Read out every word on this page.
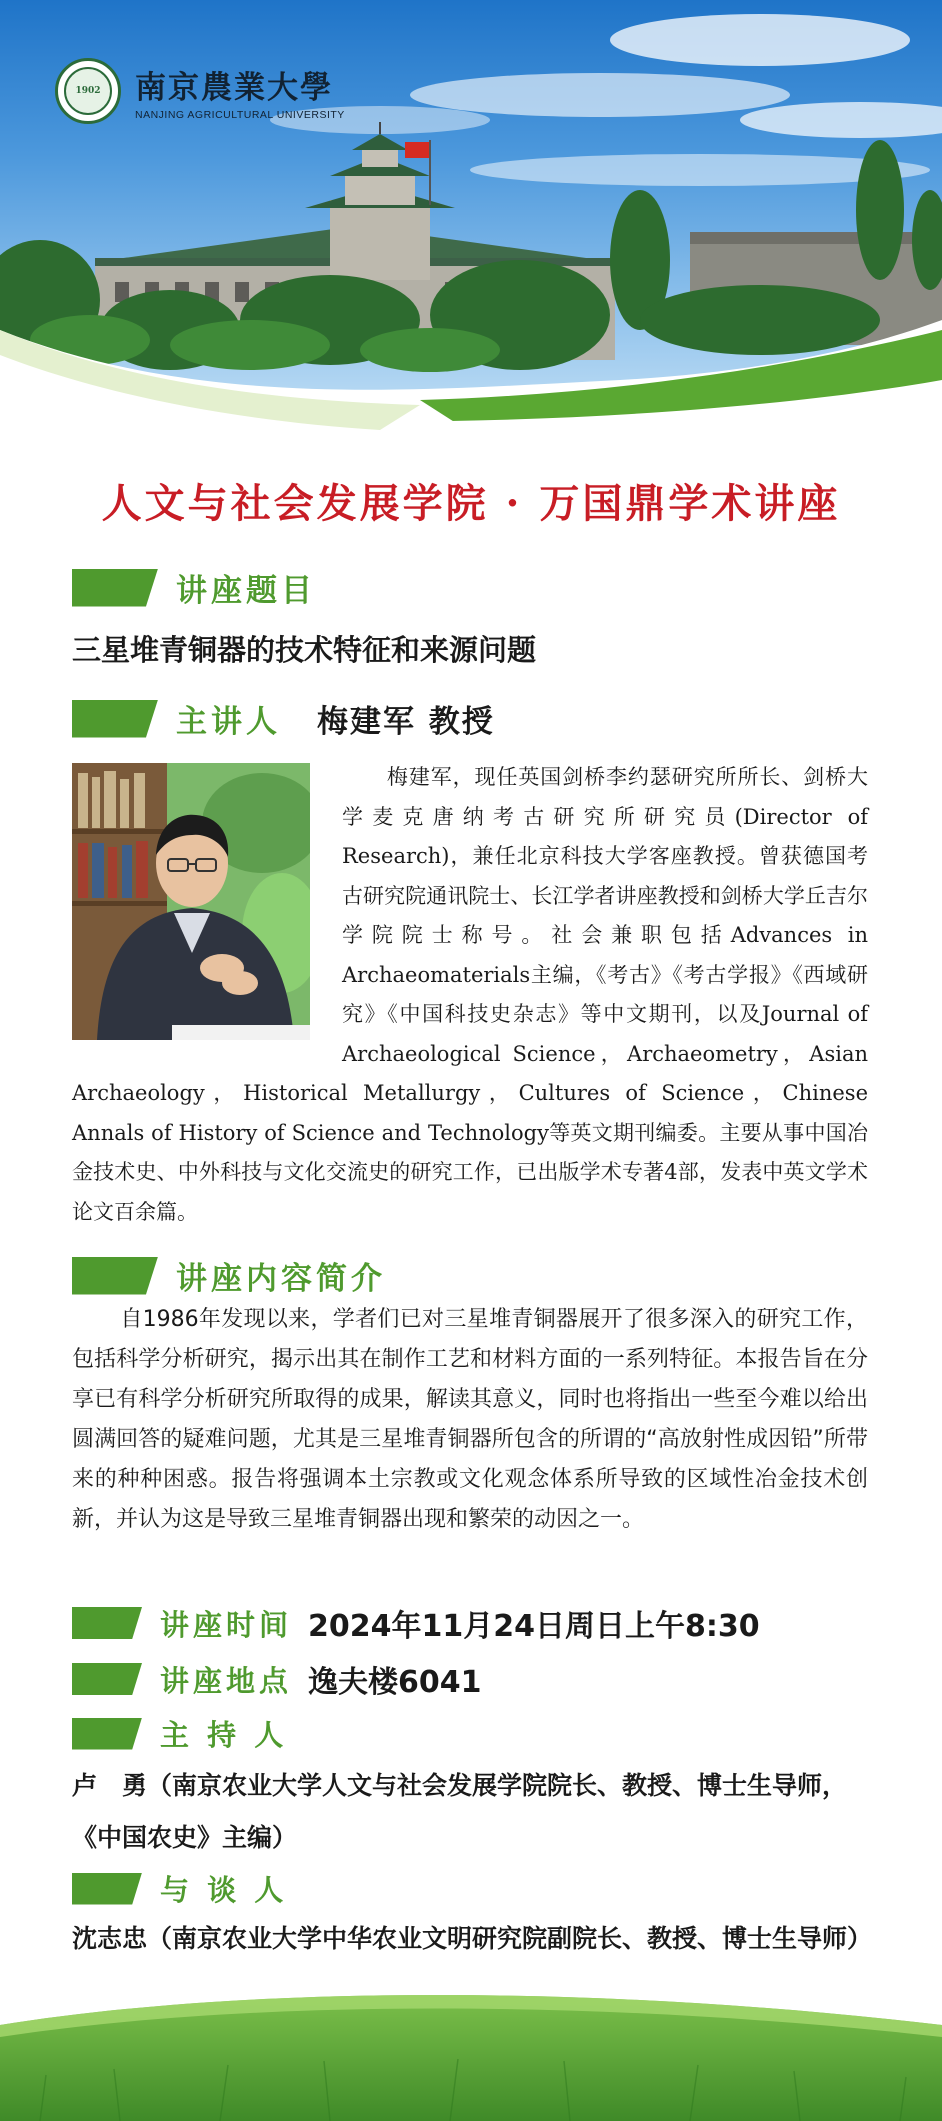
1902 南京農業大學
NANJING AGRICULTURAL UNIVERSITY
人文与社会发展学院 · 万国鼎学术讲座
讲座题目
三星堆青铜器的技术特征和来源问题
主讲人 梅建军 教授
梅建军，现任英国剑桥李约瑟研究所所长、剑桥大学麦克唐纳考古研究所研究员(Director of Research)，兼任北京科技大学客座教授。曾获德国考古研究院通讯院士、长江学者讲座教授和剑桥大学丘吉尔学院院士称号。社会兼职包括Advances in Archaeomaterials主编，《考古》《考古学报》《西域研究》《中国科技史杂志》等中文期刊，以及Journal of Archaeological Science，Archaeometry，Asian Archaeology，Historical Metallurgy，Cultures of Science，Chinese Annals of History of Science and Technology等英文期刊编委。主要从事中国冶金技术史、中外科技与文化交流史的研究工作，已出版学术专著4部，发表中英文学术论文百余篇。
讲座内容简介
自1986年发现以来，学者们已对三星堆青铜器展开了很多深入的研究工作，包括科学分析研究，揭示出其在制作工艺和材料方面的一系列特征。本报告旨在分享已有科学分析研究所取得的成果，解读其意义，同时也将指出一些至今难以给出圆满回答的疑难问题，尤其是三星堆青铜器所包含的所谓的“高放射性成因铅”所带来的种种困惑。报告将强调本土宗教或文化观念体系所导致的区域性冶金技术创新，并认为这是导致三星堆青铜器出现和繁荣的动因之一。
讲座时间 2024年11月24日周日上午8:30
讲座地点 逸夫楼6041
主 持 人
卢　勇（南京农业大学人文与社会发展学院院长、教授、博士生导师，《中国农史》主编）
与 谈 人
沈志忠（南京农业大学中华农业文明研究院副院长、教授、博士生导师）
